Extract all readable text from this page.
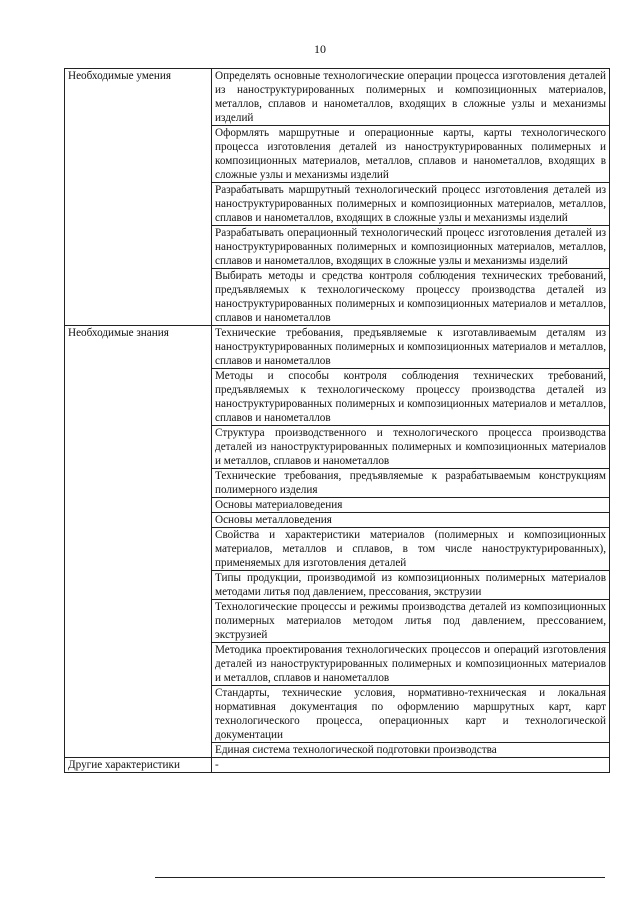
10
Необходимые умения	Определять основные технологические операции процесса изготовления деталей из наноструктурированных полимерных и композиционных материалов, металлов, сплавов и нанометаллов, входящих в сложные узлы и механизмы изделий
	Оформлять маршрутные и операционные карты, карты технологического процесса изготовления деталей из наноструктурированных полимерных и композиционных материалов, металлов, сплавов и нанометаллов, входящих в сложные узлы и механизмы изделий
	Разрабатывать маршрутный технологический процесс изготовления деталей из наноструктурированных полимерных и композиционных материалов, металлов, сплавов и нанометаллов, входящих в сложные узлы и механизмы изделий
	Разрабатывать операционный технологический процесс изготовления деталей из наноструктурированных полимерных и композиционных материалов, металлов, сплавов и нанометаллов, входящих в сложные узлы и механизмы изделий
	Выбирать методы и средства контроля соблюдения технических требований, предъявляемых к технологическому процессу производства деталей из наноструктурированных полимерных и композиционных материалов и металлов, сплавов и нанометаллов
Необходимые знания	Технические требования, предъявляемые к изготавливаемым деталям из наноструктурированных полимерных и композиционных материалов и металлов, сплавов и нанометаллов
	Методы и способы контроля соблюдения технических требований, предъявляемых к технологическому процессу производства деталей из наноструктурированных полимерных и композиционных материалов и металлов, сплавов и нанометаллов
	Структура производственного и технологического процесса производства деталей из наноструктурированных полимерных и композиционных материалов и металлов, сплавов и нанометаллов
	Технические требования, предъявляемые к разрабатываемым конструкциям полимерного изделия
	Основы материаловедения
	Основы металловедения
	Свойства и характеристики материалов (полимерных и композиционных материалов, металлов и сплавов, в том числе наноструктурированных), применяемых для изготовления деталей
	Типы продукции, производимой из композиционных полимерных материалов методами литья под давлением, прессования, экструзии
	Технологические процессы и режимы производства деталей из композиционных полимерных материалов методом литья под давлением, прессованием, экструзией
	Методика проектирования технологических процессов и операций изготовления деталей из наноструктурированных полимерных и композиционных материалов и металлов, сплавов и нанометаллов
	Стандарты, технические условия, нормативно-техническая и локальная нормативная документация по оформлению маршрутных карт, карт технологического процесса, операционных карт и технологической документации
	Единая система технологической подготовки производства
Другие характеристики	-
